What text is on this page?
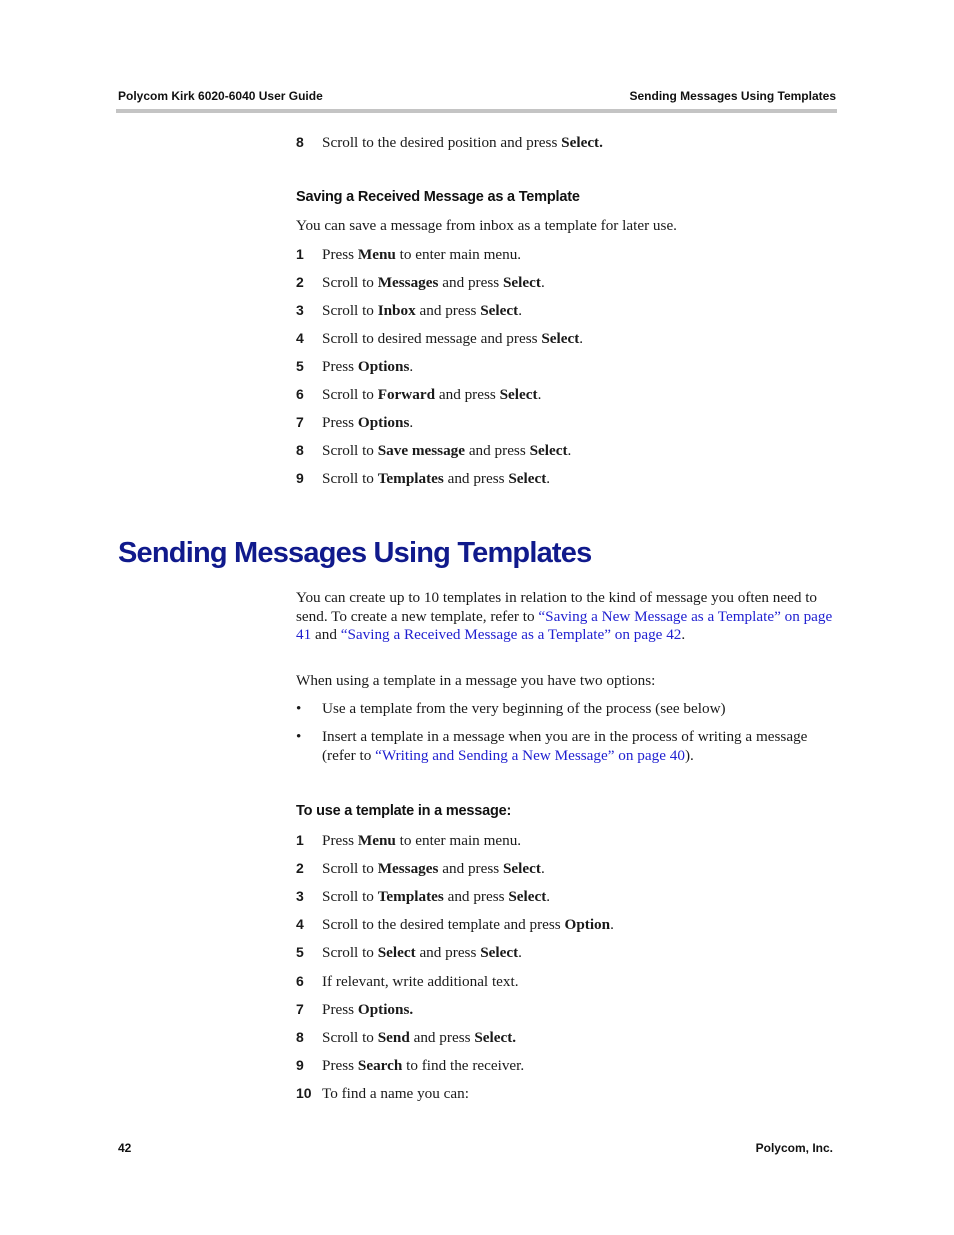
Polycom Kirk 6020-6040 User Guide	Sending Messages Using Templates
8	Scroll to the desired position and press Select.
Saving a Received Message as a Template
You can save a message from inbox as a template for later use.
1	Press Menu to enter main menu.
2	Scroll to Messages and press Select.
3	Scroll to Inbox and press Select.
4	Scroll to desired message and press Select.
5	Press Options.
6	Scroll to Forward and press Select.
7	Press Options.
8	Scroll to Save message and press Select.
9	Scroll to Templates and press Select.
Sending Messages Using Templates
You can create up to 10 templates in relation to the kind of message you often need to send. To create a new template, refer to “Saving a New Message as a Template” on page 41 and “Saving a Received Message as a Template” on page 42.
When using a template in a message you have two options:
• Use a template from the very beginning of the process (see below)
• Insert a template in a message when you are in the process of writing a message (refer to “Writing and Sending a New Message” on page 40).
To use a template in a message:
1	Press Menu to enter main menu.
2	Scroll to Messages and press Select.
3	Scroll to Templates and press Select.
4	Scroll to the desired template and press Option.
5	Scroll to Select and press Select.
6	If relevant, write additional text.
7	Press Options.
8	Scroll to Send and press Select.
9	Press Search to find the receiver.
10 To find a name you can:
42	Polycom, Inc.
